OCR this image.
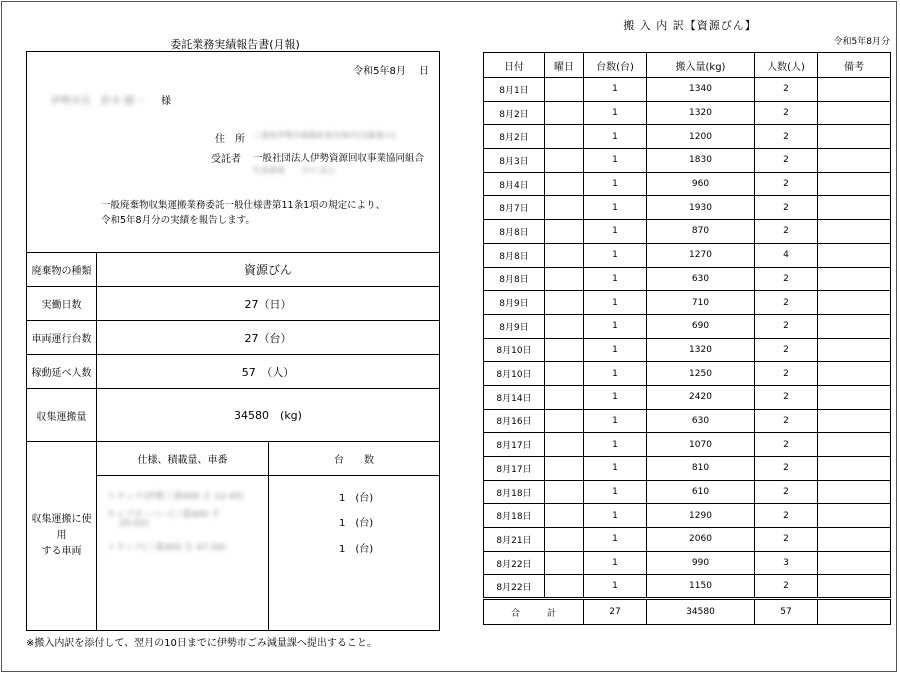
委託業務実績報告書(月報)
令和5年8月　 日
伊勢市長　鈴木 健一 様
住　所 三重県伊勢市朝熊町県有林内13番地の1
受託者 一般社団法人伊勢資源回収事業協同組合
代表理事　　平川 浩之
一般廃棄物収集運搬業務委託一般仕様書第11条1項の規定により、
令和5年8月分の実績を報告します。
廃棄物の種類	資源びん
実働日数	27（日）
車両運行台数	27（台）
稼動延べ人数	57　（人）
収集運搬量	34580　(kg)
収集運搬に使用
する車両
仕様、積載量、車番	台　　数
トラック(伊勢三重400 さ 12-45)	1　(台)
キャブオーバー(三重400 す
20-02)	1　(台)
トラック(三重400 な 47-34)	1　(台)
※搬入内訳を添付して、翌月の10日までに伊勢市ごみ減量課へ提出すること。
搬 入 内 訳【資源びん】
令和5年8月分
日付	曜日	台数(台)	搬入量(kg)	人数(人)	備考
8月1日		1	1340	2	
8月2日		1	1320	2	
8月2日		1	1200	2	
8月3日		1	1830	2	
8月4日		1	960	2	
8月7日		1	1930	2	
8月8日		1	870	2	
8月8日		1	1270	4	
8月8日		1	630	2	
8月9日		1	710	2	
8月9日		1	690	2	
8月10日		1	1320	2	
8月10日		1	1250	2	
8月14日		1	2420	2	
8月16日		1	630	2	
8月17日		1	1070	2	
8月17日		1	810	2	
8月18日		1	610	2	
8月18日		1	1290	2	
8月21日		1	2060	2	
8月22日		1	990	3	
8月22日		1	1150	2	
合　　　計		27	34580	57	
